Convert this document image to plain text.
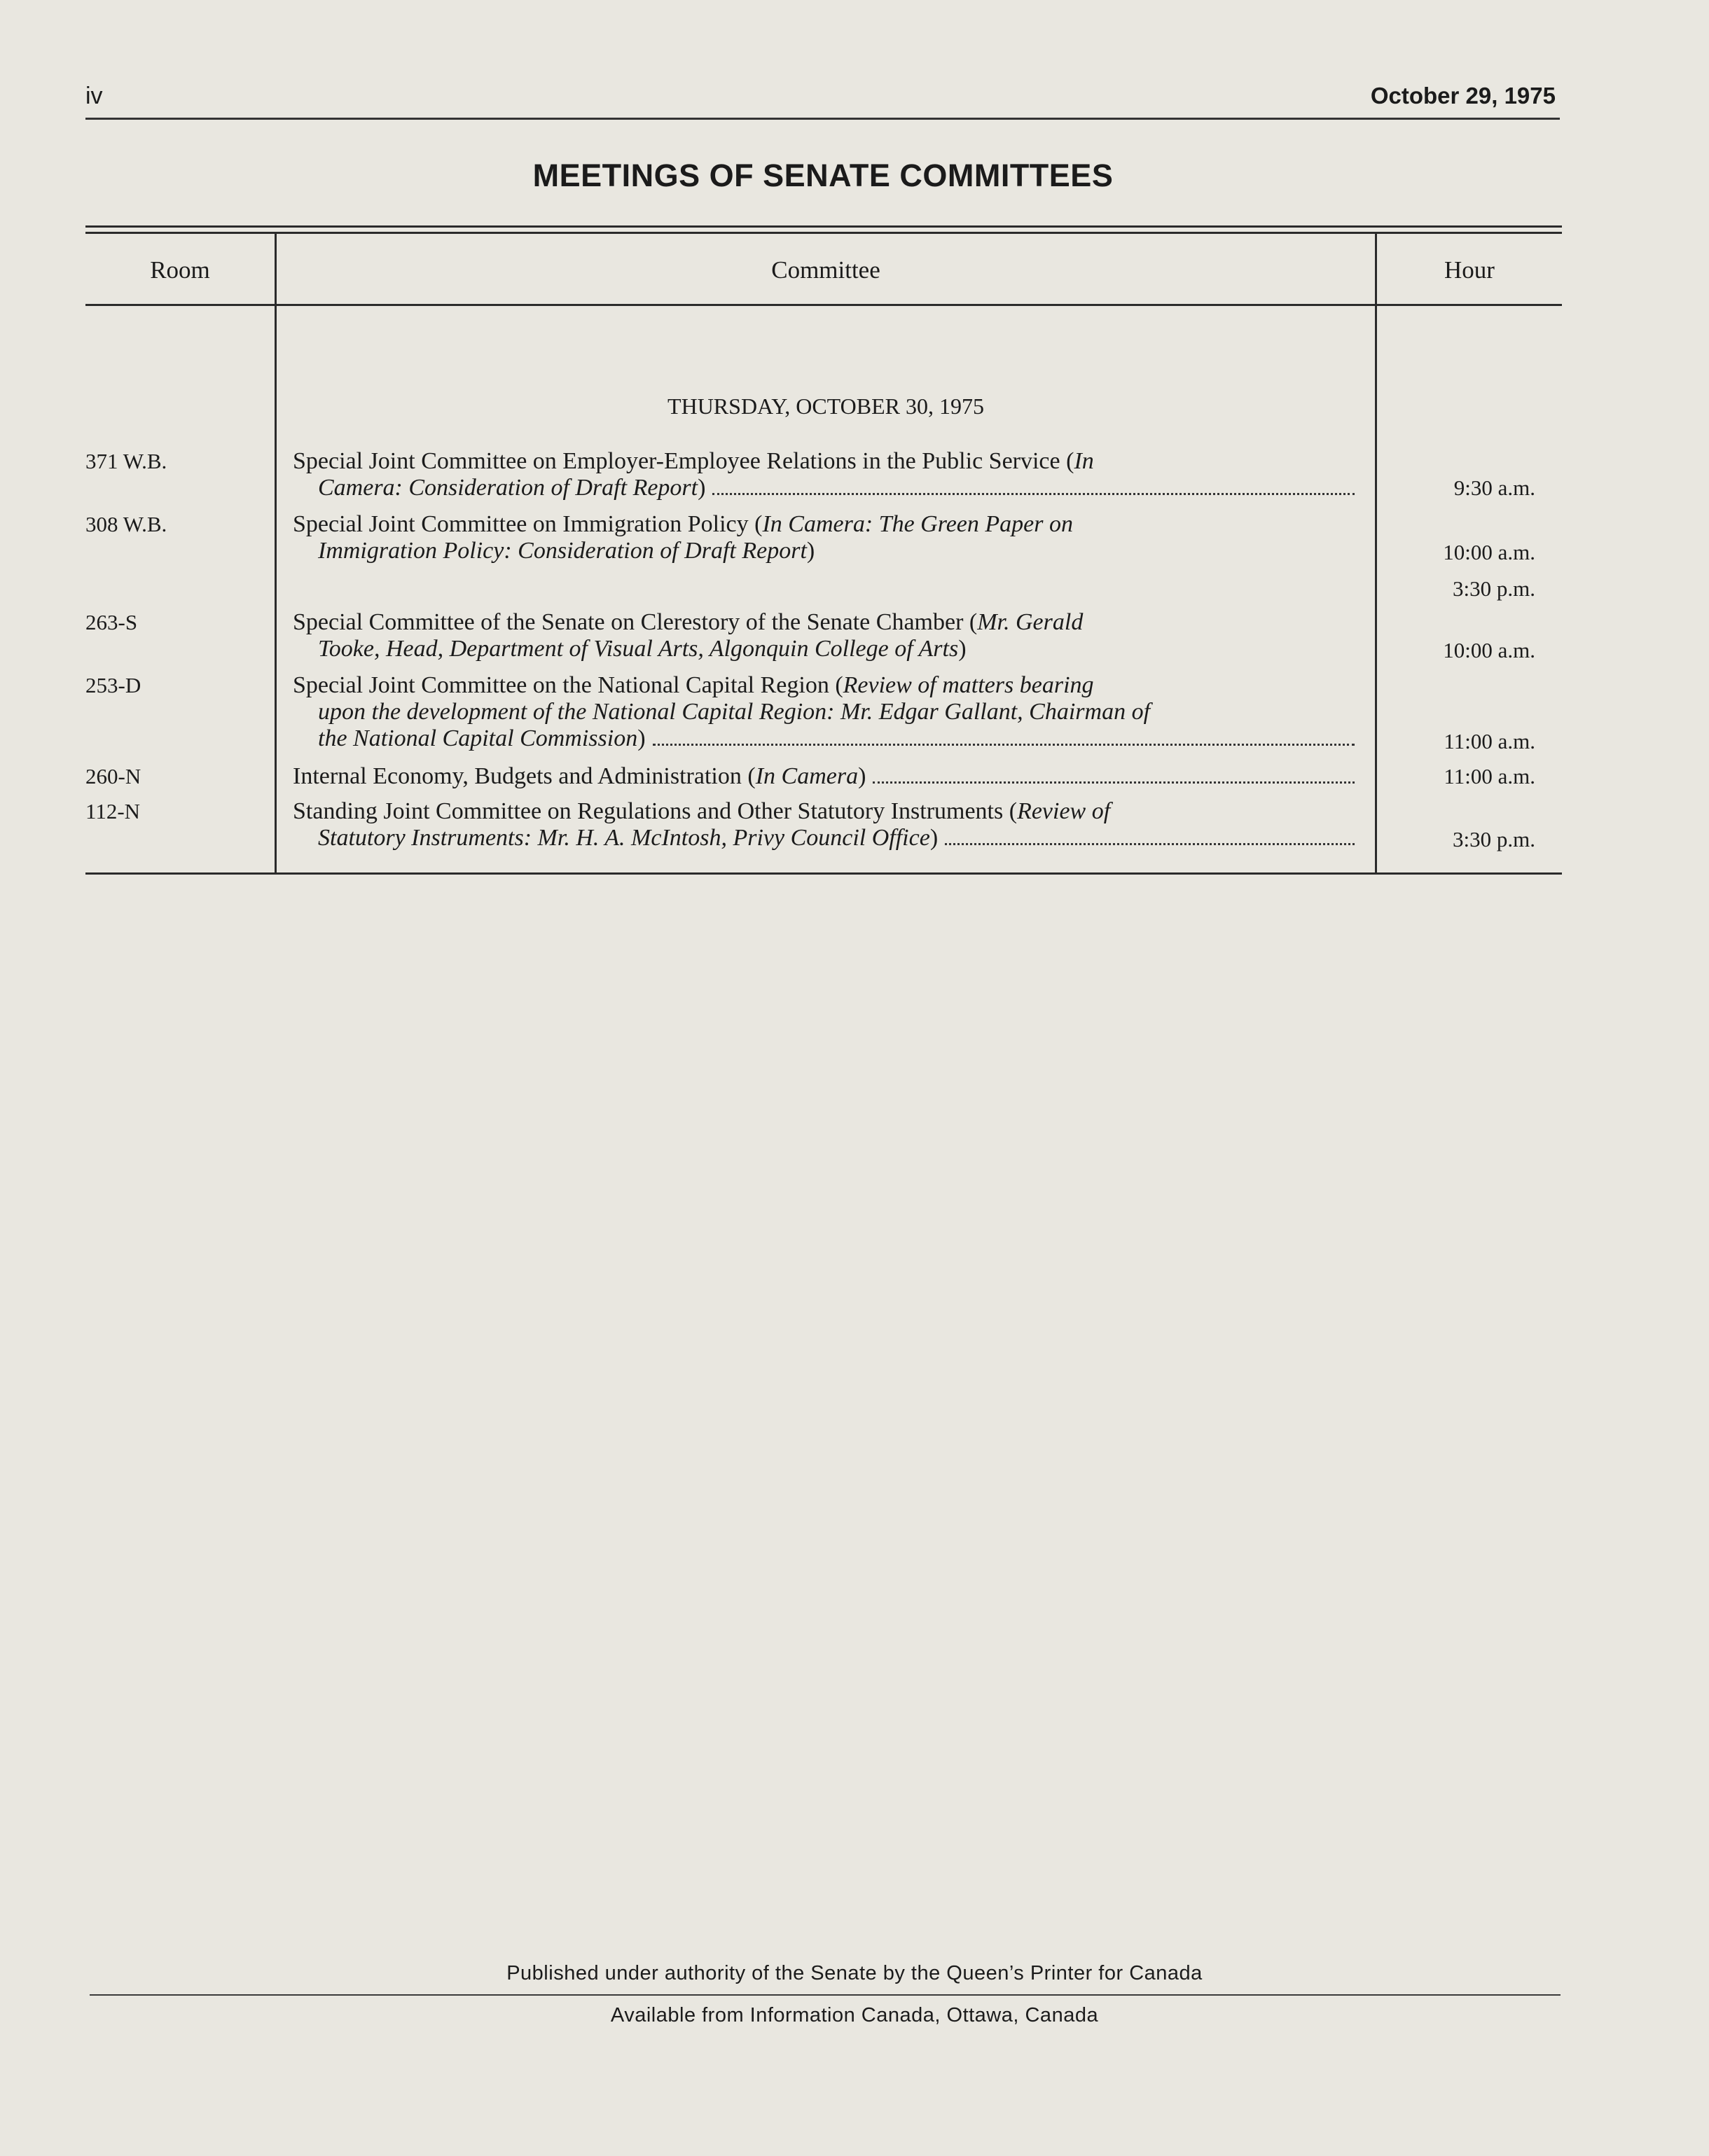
iv	October 29, 1975
MEETINGS OF SENATE COMMITTEES
Room	Committee	Hour
THURSDAY, OCTOBER 30, 1975
371 W.B.	Special Joint Committee on Employer-Employee Relations in the Public Service (In
Camera: Consideration of Draft Report)	9:30 a.m.
308 W.B.	Special Joint Committee on Immigration Policy (In Camera: The Green Paper on
Immigration Policy: Consideration of Draft Report)	10:00 a.m.
3:30 p.m.
263-S	Special Committee of the Senate on Clerestory of the Senate Chamber (Mr. Gerald
Tooke, Head, Department of Visual Arts, Algonquin College of Arts)	10:00 a.m.
253-D	Special Joint Committee on the National Capital Region (Review of matters bearing
upon the development of the National Capital Region: Mr. Edgar Gallant, Chairman of
the National Capital Commission)	11:00 a.m.
260-N	Internal Economy, Budgets and Administration (In Camera)	11:00 a.m.
112-N	Standing Joint Committee on Regulations and Other Statutory Instruments (Review of
Statutory Instruments: Mr. H. A. McIntosh, Privy Council Office)	3:30 p.m.
Published under authority of the Senate by the Queen’s Printer for Canada
Available from Information Canada, Ottawa, Canada
